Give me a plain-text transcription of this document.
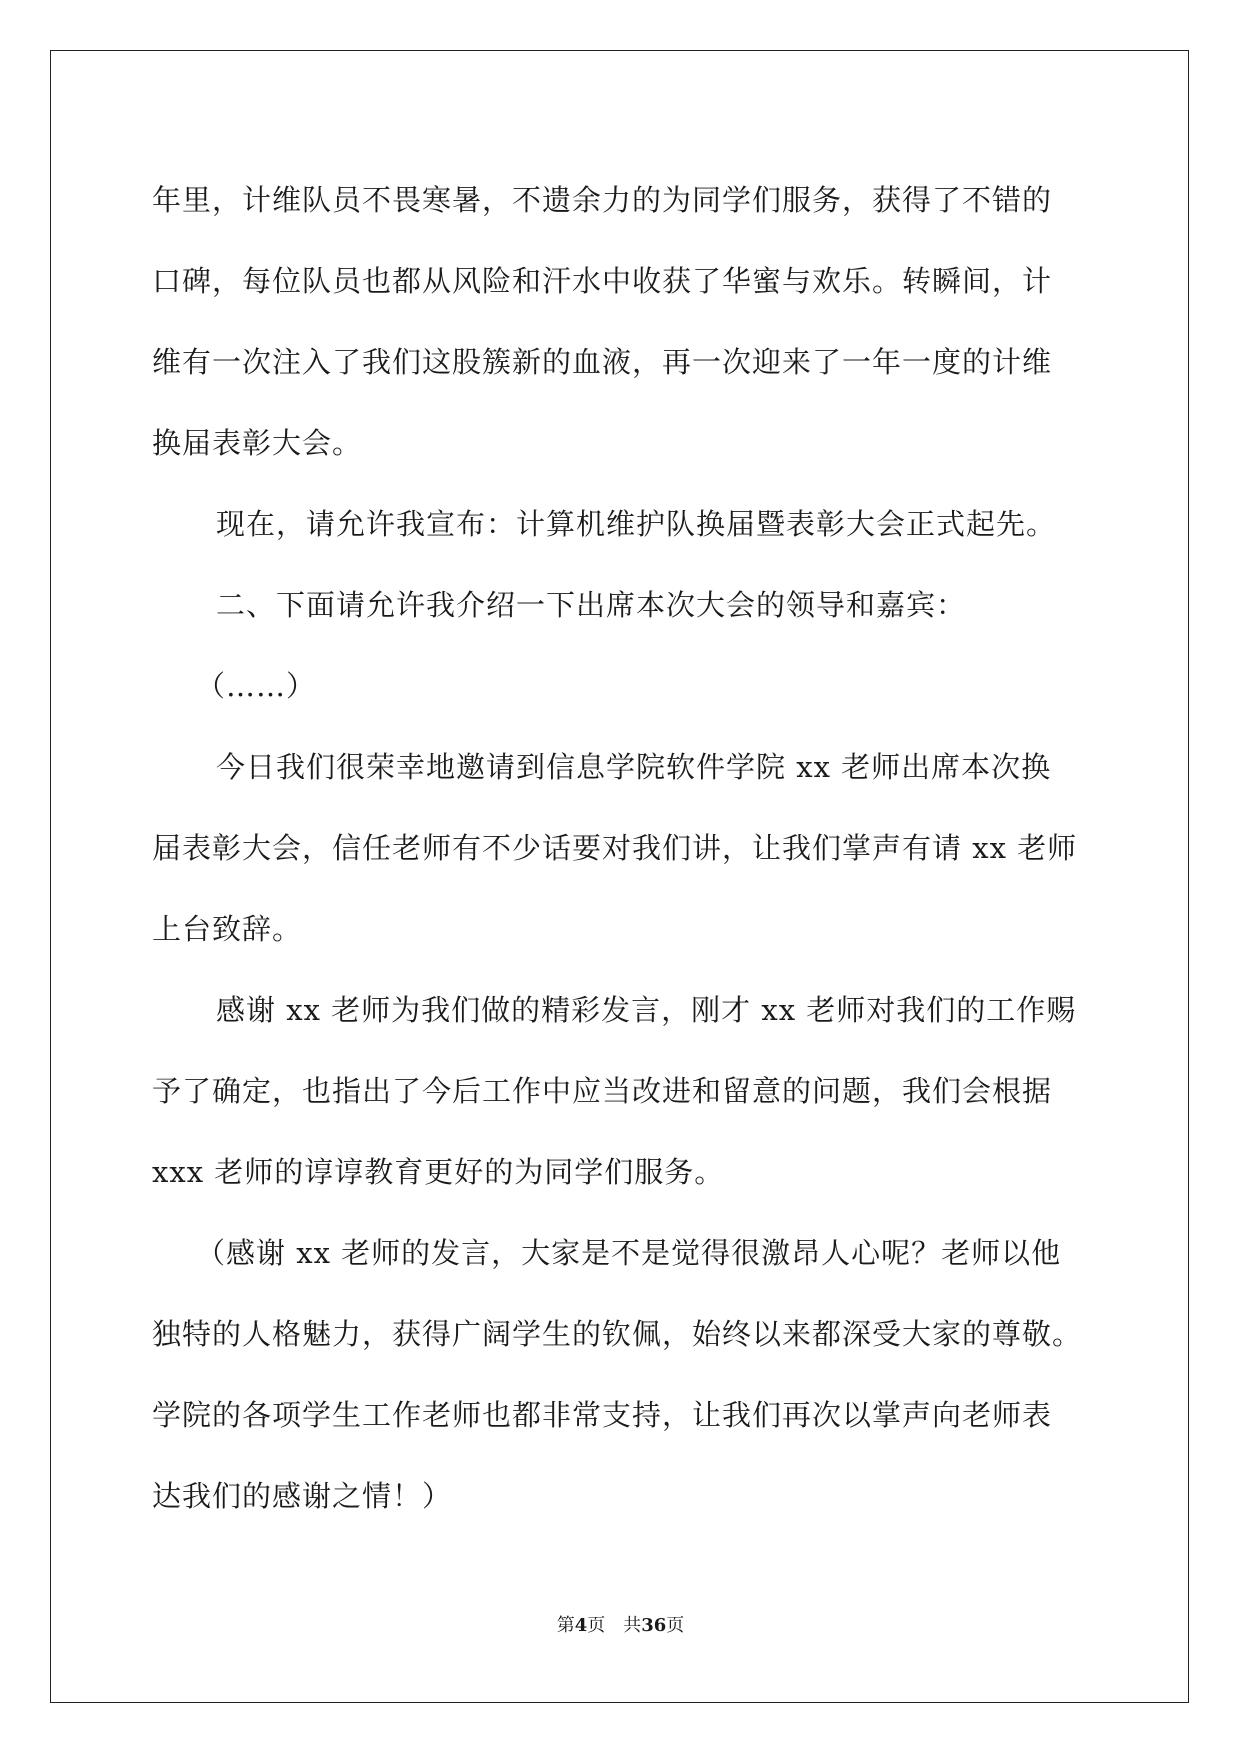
年里，计维队员不畏寒暑，不遗余力的为同学们服务，获得了不错的
口碑，每位队员也都从风险和汗水中收获了华蜜与欢乐。转瞬间，计
维有一次注入了我们这股簇新的血液，再一次迎来了一年一度的计维
换届表彰大会。
现在，请允许我宣布：计算机维护队换届暨表彰大会正式起先。
二、下面请允许我介绍一下出席本次大会的领导和嘉宾：
（……）
今日我们很荣幸地邀请到信息学院软件学院 xx 老师出席本次换
届表彰大会，信任老师有不少话要对我们讲，让我们掌声有请 xx 老师
上台致辞。
感谢 xx 老师为我们做的精彩发言，刚才 xx 老师对我们的工作赐
予了确定，也指出了今后工作中应当改进和留意的问题，我们会根据
xxx 老师的谆谆教育更好的为同学们服务。
（感谢 xx 老师的发言，大家是不是觉得很激昂人心呢？老师以他
独特的人格魅力，获得广阔学生的钦佩，始终以来都深受大家的尊敬。
学院的各项学生工作老师也都非常支持，让我们再次以掌声向老师表
达我们的感谢之情！）
第4页　共36页
